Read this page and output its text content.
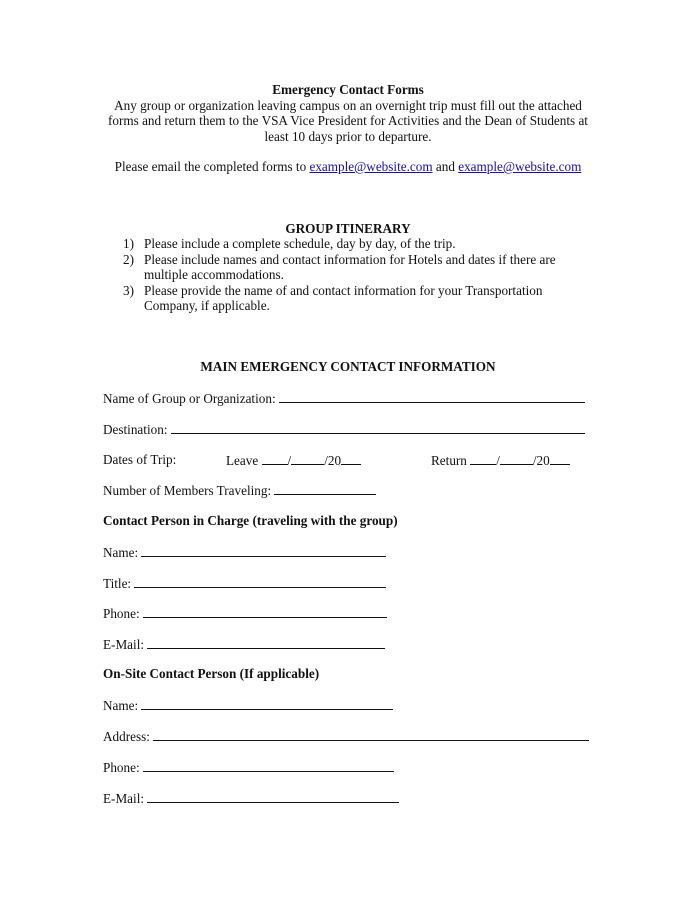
Emergency Contact Forms
Any group or organization leaving campus on an overnight trip must fill out the attached
forms and return them to the VSA Vice President for Activities and the Dean of Students at
least 10 days prior to departure.
Please email the completed forms to example@website.com and example@website.com
GROUP ITINERARY
1) Please include a complete schedule, day by day, of the trip.
2) Please include names and contact information for Hotels and dates if there are multiple accommodations.
3) Please provide the name of and contact information for your Transportation Company, if applicable.
MAIN EMERGENCY CONTACT INFORMATION
Name of Group or Organization:
Destination:
Dates of Trip:	Leave /	/20	Return /	/20
Number of Members Traveling:
Contact Person in Charge (traveling with the group)
Name:
Title:
Phone:
E-Mail:
On-Site Contact Person (If applicable)
Name:
Address:
Phone:
E-Mail:
